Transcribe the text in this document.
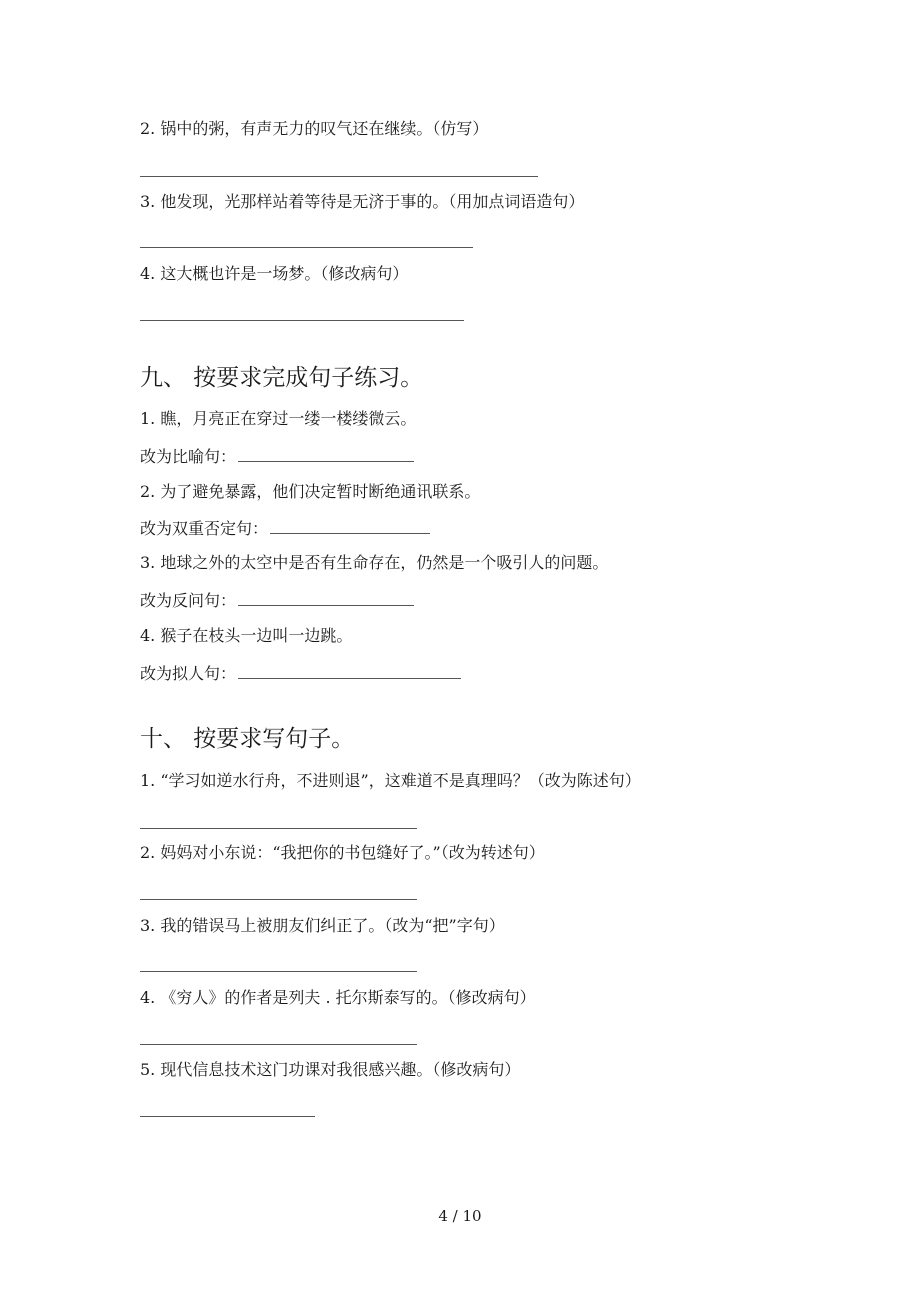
2. 锅中的粥，有声无力的叹气还在继续。（仿写）

3. 他发现，光那样站着等待是无济于事的。（用加点词语造句）

4. 这大概也许是一场梦。（修改病句）

九、 按要求完成句子练习。

1. 瞧，月亮正在穿过一缕一楼缕微云。

改为比喻句：

2. 为了避免暴露，他们决定暂时断绝通讯联系。

改为双重否定句：

3. 地球之外的太空中是否有生命存在，仍然是一个吸引人的问题。

改为反问句：

4. 猴子在枝头一边叫一边跳。

改为拟人句：

十、 按要求写句子。

1. “学习如逆水行舟，不进则退”，这难道不是真理吗？（改为陈述句）

2. 妈妈对小东说：“我把你的书包缝好了。”（改为转述句）

3. 我的错误马上被朋友们纠正了。（改为“把”字句）

4. 《穷人》的作者是列夫 . 托尔斯泰写的。（修改病句）

5. 现代信息技术这门功课对我很感兴趣。（修改病句）

4 / 10
